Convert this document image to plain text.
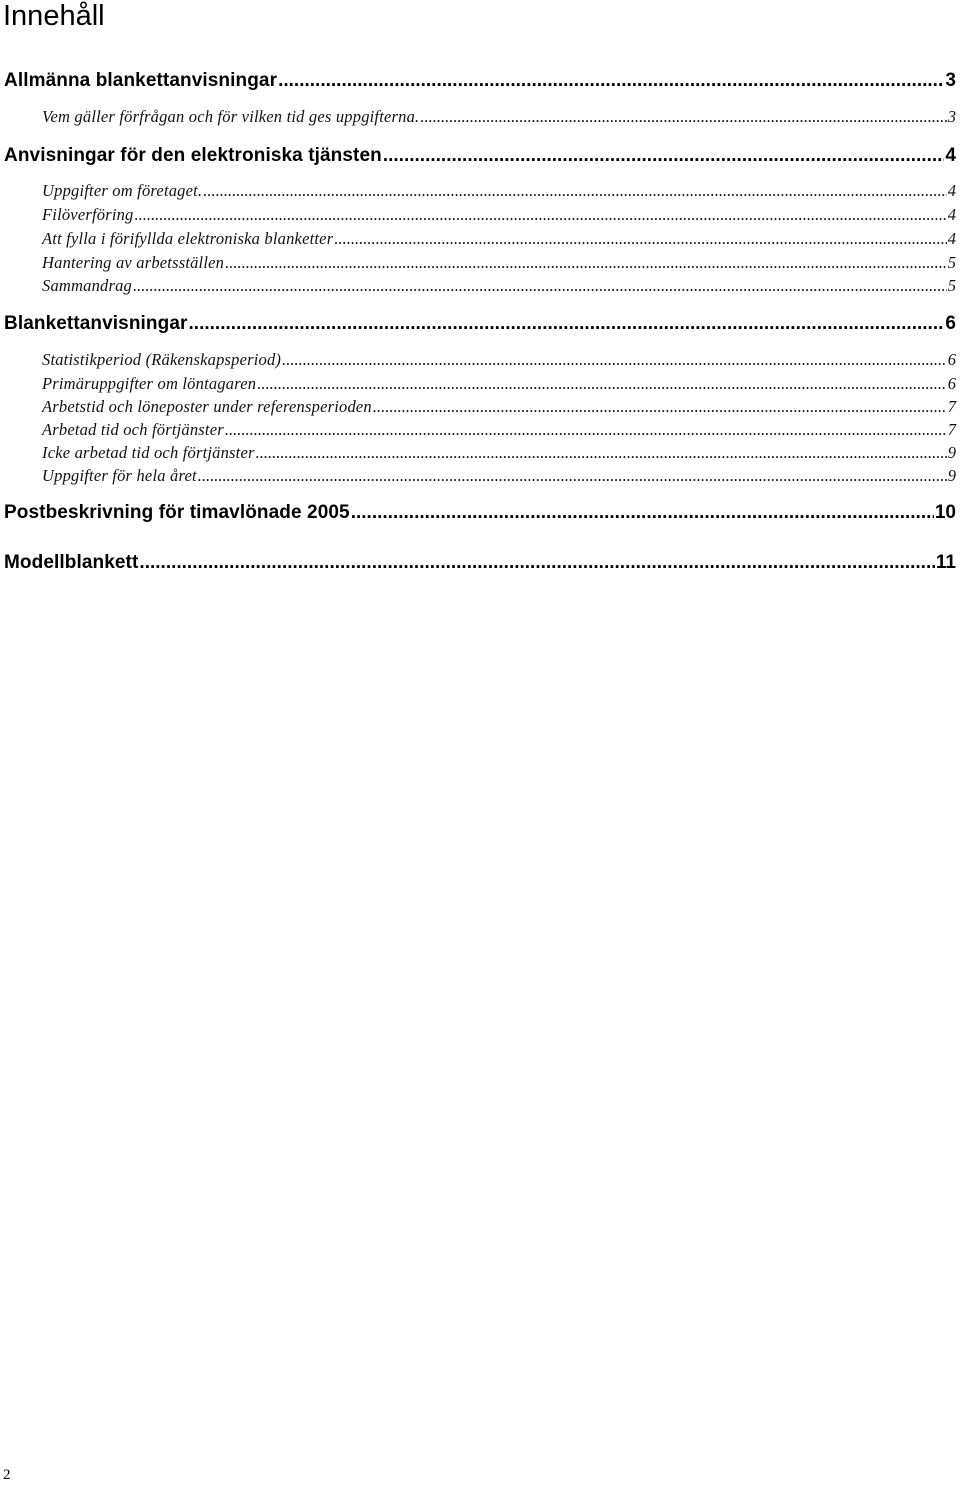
Innehåll
Allmänna blankettanvisningar .....	3
Vem gäller förfrågan och för vilken tid ges uppgifterna. .....	3
Anvisningar för den elektroniska tjänsten .....	4
Uppgifter om företaget. .....	4
Filöverföring .....	4
Att fylla i förifyllda elektroniska blanketter .....	4
Hantering av arbetsställen .....	5
Sammandrag .....	5
Blankettanvisningar .....	6
Statistikperiod (Räkenskapsperiod) .....	6
Primäruppgifter om löntagaren .....	6
Arbetstid och löneposter under referensperioden .....	7
Arbetad tid och förtjänster .....	7
Icke arbetad tid och förtjänster .....	9
Uppgifter för hela året .....	9
Postbeskrivning för timavlönade 2005 .....	10
Modellblankett .....	11
2
